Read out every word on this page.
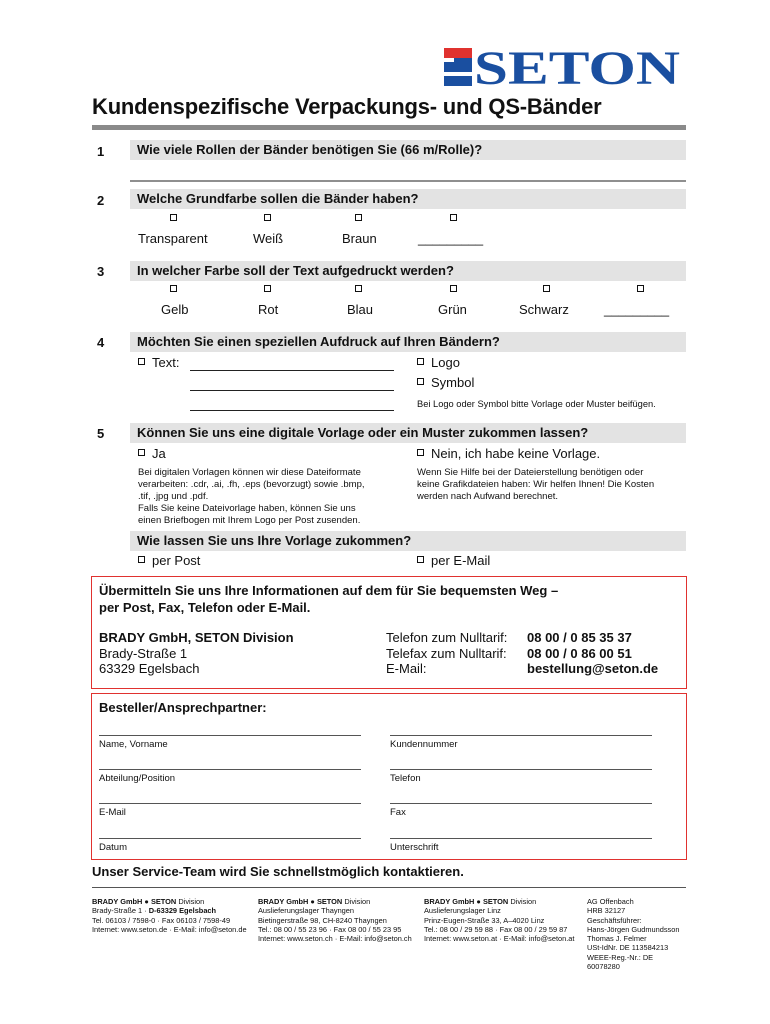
SETON
Kundenspezifische Verpackungs- und QS-Bänder
1	Wie viele Rollen der Bänder benötigen Sie (66 m/Rolle)?
2	Welche Grundfarbe sollen die Bänder haben?
Transparent	Weiß	Braun	_________
3	In welcher Farbe soll der Text aufgedruckt werden?
Gelb	Rot	Blau	Grün	Schwarz	_________
4	Möchten Sie einen speziellen Aufdruck auf Ihren Bändern?
Text:	Logo
Symbol
Bei Logo oder Symbol bitte Vorlage oder Muster beifügen.
5	Können Sie uns eine digitale Vorlage oder ein Muster zukommen lassen?
Ja	Nein, ich habe keine Vorlage.
Bei digitalen Vorlagen können wir diese Dateiformate
verarbeiten: .cdr, .ai, .fh, .eps (bevorzugt) sowie .bmp,
.tif, .jpg und .pdf.
Falls Sie keine Dateivorlage haben, können Sie uns
einen Briefbogen mit Ihrem Logo per Post zusenden.
Wenn Sie Hilfe bei der Dateierstellung benötigen oder
keine Grafikdateien haben: Wir helfen Ihnen! Die Kosten
werden nach Aufwand berechnet.
Wie lassen Sie uns Ihre Vorlage zukommen?
per Post	per E-Mail
Übermitteln Sie uns Ihre Informationen auf dem für Sie bequemsten Weg –
per Post, Fax, Telefon oder E-Mail.
BRADY GmbH, SETON Division
Brady-Straße 1
63329 Egelsbach
Telefon zum Nulltarif: 08 00 / 0 85 35 37
Telefax zum Nulltarif: 08 00 / 0 86 00 51
E-Mail:	bestellung@seton.de
Besteller/Ansprechpartner:
Name, Vorname	Kundennummer
Abteilung/Position	Telefon
E-Mail	Fax
Datum	Unterschrift
Unser Service-Team wird Sie schnellstmöglich kontaktieren.
BRADY GmbH ● SETON Division
Brady-Straße 1 · D-63329 Egelsbach
Tel. 06103 / 7598-0 · Fax 06103 / 7598-49
Internet: www.seton.de · E-Mail: info@seton.de
BRADY GmbH ● SETON Division
Auslieferungslager Thayngen
Bietingerstraße 98, CH-8240 Thayngen
Tel.: 08 00 / 55 23 96 · Fax 08 00 / 55 23 95
Internet: www.seton.ch · E-Mail: info@seton.ch
BRADY GmbH ● SETON Division
Auslieferungslager Linz
Prinz-Eugen-Straße 33, A–4020 Linz
Tel.: 08 00 / 29 59 88 · Fax 08 00 / 29 59 87
Internet: www.seton.at · E-Mail: info@seton.at
AG Offenbach
HRB 32127
Geschäftsführer:
Hans-Jörgen Gudmundsson
Thomas J. Felmer
USt-IdNr. DE 113584213
WEEE-Reg.-Nr.: DE
60078280
